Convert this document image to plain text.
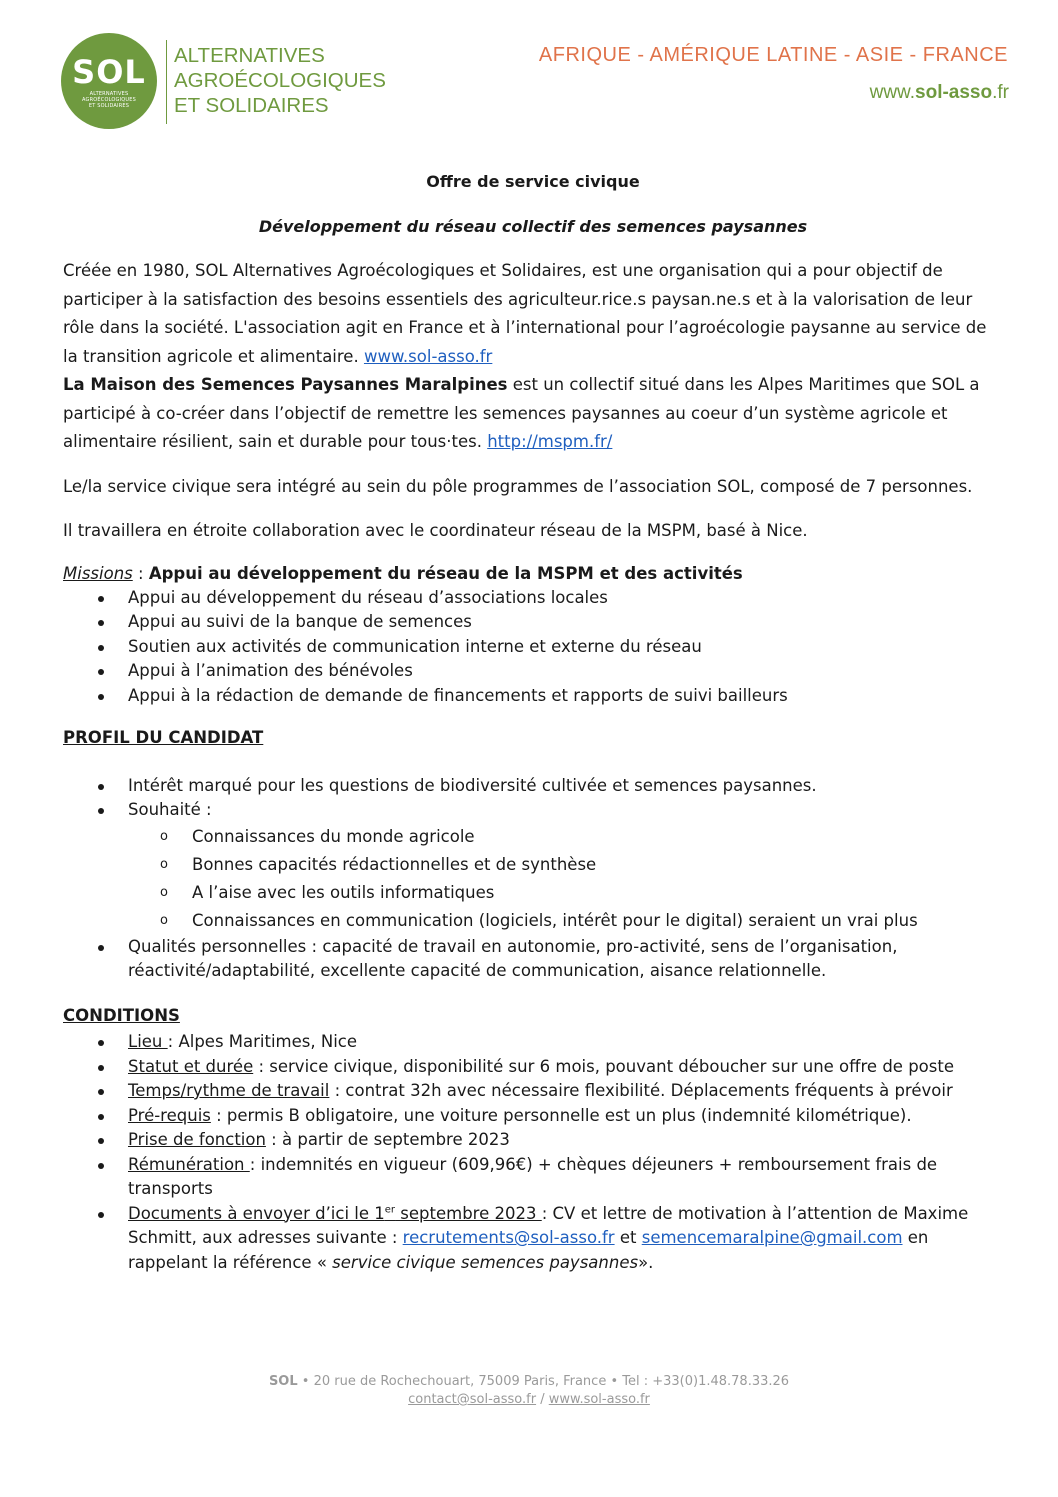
SOL
ALTERNATIVES
AGROÉCOLOGIQUES
ET SOLIDAIRES
ALTERNATIVES
AGROÉCOLOGIQUES
ET SOLIDAIRES
AFRIQUE - AMÉRIQUE LATINE - ASIE - FRANCE
www.sol-asso.fr

Offre de service civique

Développement du réseau collectif des semences paysannes

Créée en 1980, SOL Alternatives Agroécologiques et Solidaires, est une organisation qui a pour objectif de participer à la satisfaction des besoins essentiels des agriculteur.rice.s paysan.ne.s et à la valorisation de leur rôle dans la société. L'association agit en France et à l’international pour l’agroécologie paysanne au service de la transition agricole et alimentaire. www.sol-asso.fr

La Maison des Semences Paysannes Maralpines est un collectif situé dans les Alpes Maritimes que SOL a participé à co-créer dans l’objectif de remettre les semences paysannes au coeur d’un système agricole et alimentaire résilient, sain et durable pour tous·tes. http://mspm.fr/

Le/la service civique sera intégré au sein du pôle programmes de l’association SOL, composé de 7 personnes.

Il travaillera en étroite collaboration avec le coordinateur réseau de la MSPM, basé à Nice.

Missions : Appui au développement du réseau de la MSPM et des activités

Appui au développement du réseau d’associations locales
Appui au suivi de la banque de semences
Soutien aux activités de communication interne et externe du réseau
Appui à l’animation des bénévoles
Appui à la rédaction de demande de financements et rapports de suivi bailleurs

PROFIL DU CANDIDAT

Intérêt marqué pour les questions de biodiversité cultivée et semences paysannes.
Souhaité :
o Connaissances du monde agricole
o Bonnes capacités rédactionnelles et de synthèse
o A l’aise avec les outils informatiques
o Connaissances en communication (logiciels, intérêt pour le digital) seraient un vrai plus
Qualités personnelles : capacité de travail en autonomie, pro-activité, sens de l’organisation, réactivité/adaptabilité, excellente capacité de communication, aisance relationnelle.

CONDITIONS

Lieu : Alpes Maritimes, Nice
Statut et durée : service civique, disponibilité sur 6 mois, pouvant déboucher sur une offre de poste
Temps/rythme de travail : contrat 32h avec nécessaire flexibilité. Déplacements fréquents à prévoir
Pré-requis : permis B obligatoire, une voiture personnelle est un plus (indemnité kilométrique).
Prise de fonction : à partir de septembre 2023
Rémunération : indemnités en vigueur (609,96€) + chèques déjeuners + remboursement frais de transports
Documents à envoyer d’ici le 1er septembre 2023 : CV et lettre de motivation à l’attention de Maxime Schmitt, aux adresses suivante : recrutements@sol-asso.fr et semencemaralpine@gmail.com en rappelant la référence « service civique semences paysannes».
SOL • 20 rue de Rochechouart, 75009 Paris, France • Tel : +33(0)1.48.78.33.26
contact@sol-asso.fr / www.sol-asso.fr
